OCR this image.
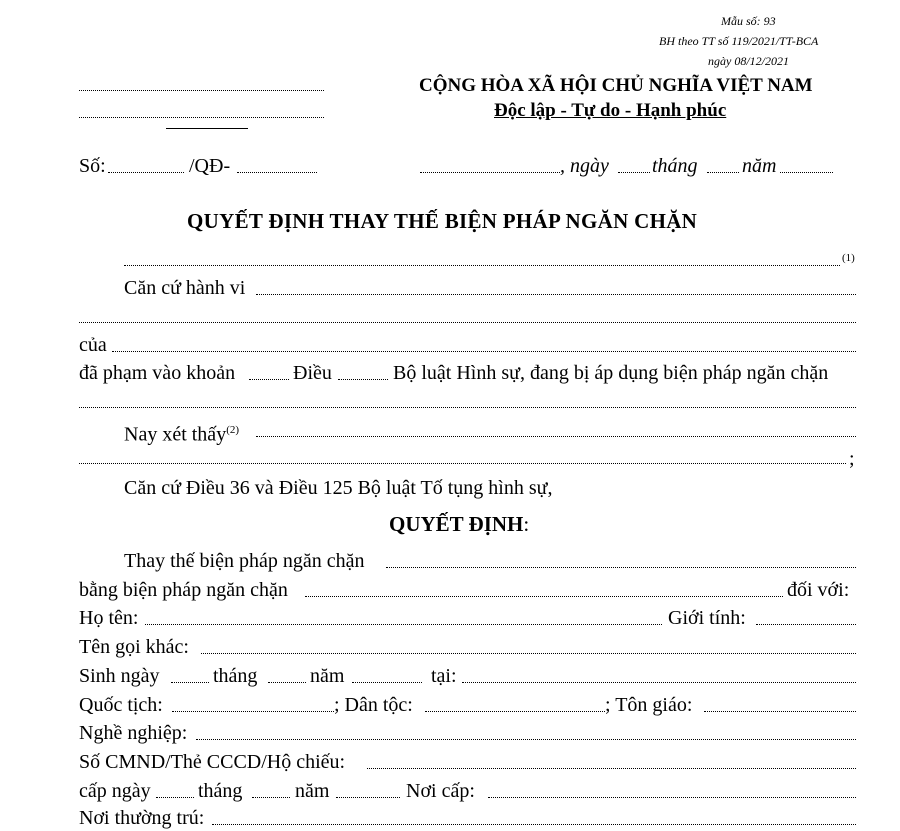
Mẫu số: 93
BH theo TT số 119/2021/TT-BCA
ngày 08/12/2021
CỘNG HÒA XÃ HỘI CHỦ NGHĨA VIỆT NAM
Độc lập - Tự do - Hạnh phúc
Số:	/QĐ-	, ngày tháng năm
QUYẾT ĐỊNH THAY THẾ BIỆN PHÁP NGĂN CHẶN
(1)
Căn cứ hành vi
của
đã phạm vào khoản	Điều	Bộ luật Hình sự, đang bị áp dụng biện pháp ngăn chặn
Nay xét thấy$^{(2)}$
;
Căn cứ Điều 36 và Điều 125 Bộ luật Tố tụng hình sự,
QUYẾT ĐỊNH:
Thay thế biện pháp ngăn chặn
bằng biện pháp ngăn chặn	đối với:
Họ tên:	Giới tính:
Tên gọi khác:
Sinh ngày	tháng	năm	tại:
Quốc tịch:	; Dân tộc:	; Tôn giáo:
Nghề nghiệp:
Số CMND/Thẻ CCCD/Hộ chiếu:
cấp ngày tháng	năm	Nơi cấp:
Nơi thường trú:
